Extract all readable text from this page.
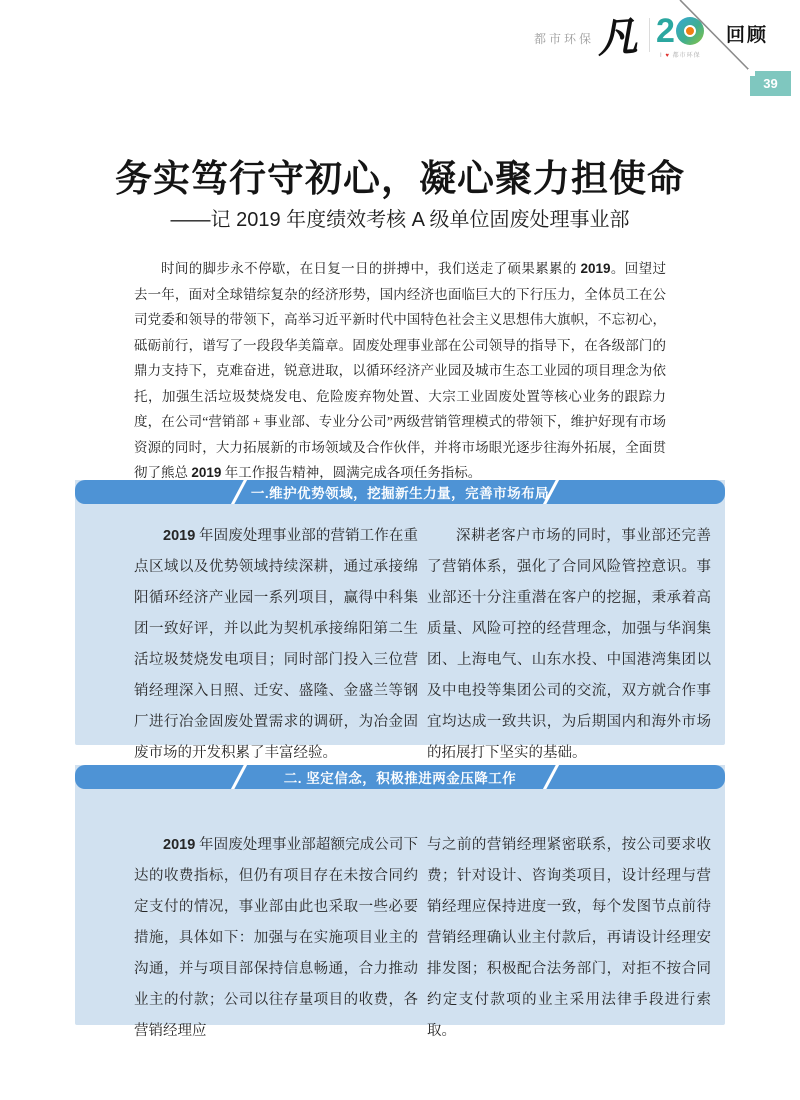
都市环保 凡 2
I ♥ 都市环保
回顾
39
务实笃行守初心，凝心聚力担使命
——记 2019 年度绩效考核 A 级单位固废处理事业部

时间的脚步永不停歇，在日复一日的拼搏中，我们送走了硕果累累的 2019。回望过去一年，面对全球错综复杂的经济形势，国内经济也面临巨大的下行压力，全体员工在公司党委和领导的带领下，高举习近平新时代中国特色社会主义思想伟大旗帜，不忘初心，砥砺前行，谱写了一段段华美篇章。固废处理事业部在公司领导的指导下，在各级部门的鼎力支持下，克难奋进，锐意进取，以循环经济产业园及城市生态工业园的项目理念为依托，加强生活垃圾焚烧发电、危险废弃物处置、大宗工业固废处置等核心业务的跟踪力度，在公司“营销部 + 事业部、专业分公司”两级营销管理模式的带领下，维护好现有市场资源的同时，大力拓展新的市场领域及合作伙伴，并将市场眼光逐步往海外拓展，全面贯彻了熊总 2019 年工作报告精神，圆满完成各项任务指标。

一.维护优势领域，挖掘新生力量，完善市场布局

2019 年固废处理事业部的营销工作在重点区域以及优势领域持续深耕，通过承接绵阳循环经济产业园一系列项目，赢得中科集团一致好评，并以此为契机承接绵阳第二生活垃圾焚烧发电项目；同时部门投入三位营销经理深入日照、迁安、盛隆、金盛兰等钢厂进行冶金固废处置需求的调研，为冶金固废市场的开发积累了丰富经验。

深耕老客户市场的同时，事业部还完善了营销体系，强化了合同风险管控意识。事业部还十分注重潜在客户的挖掘，秉承着高质量、风险可控的经营理念，加强与华润集团、上海电气、山东水投、中国港湾集团以及中电投等集团公司的交流，双方就合作事宜均达成一致共识，为后期国内和海外市场的拓展打下坚实的基础。

二. 坚定信念，积极推进两金压降工作

2019 年固废处理事业部超额完成公司下达的收费指标，但仍有项目存在未按合同约定支付的情况，事业部由此也采取一些必要措施，具体如下：加强与在实施项目业主的沟通，并与项目部保持信息畅通，合力推动业主的付款；公司以往存量项目的收费，各营销经理应

与之前的营销经理紧密联系，按公司要求收费；针对设计、咨询类项目，设计经理与营销经理应保持进度一致，每个发图节点前待营销经理确认业主付款后，再请设计经理安排发图；积极配合法务部门，对拒不按合同约定支付款项的业主采用法律手段进行索取。
